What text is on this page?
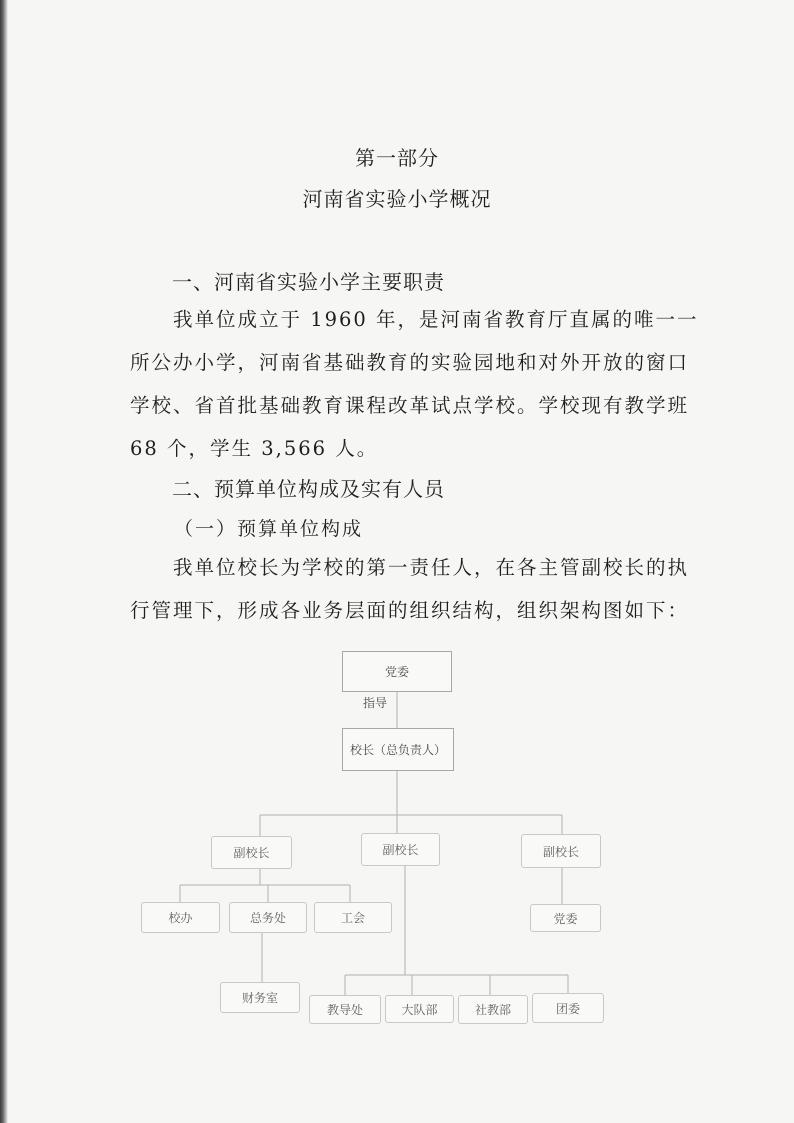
第一部分
河南省实验小学概况
一、河南省实验小学主要职责
我单位成立于 1960 年，是河南省教育厅直属的唯一一
所公办小学，河南省基础教育的实验园地和对外开放的窗口
学校、省首批基础教育课程改革试点学校。学校现有教学班
68 个，学生 3,566 人。
二、预算单位构成及实有人员
（一）预算单位构成
我单位校长为学校的第一责任人，在各主管副校长的执
行管理下，形成各业务层面的组织结构，组织架构图如下：
党委
指导
校长（总负责人）
副校长	副校长	副校长
校办	总务处	工会	党委
财务室
教导处	大队部	社教部	团委
